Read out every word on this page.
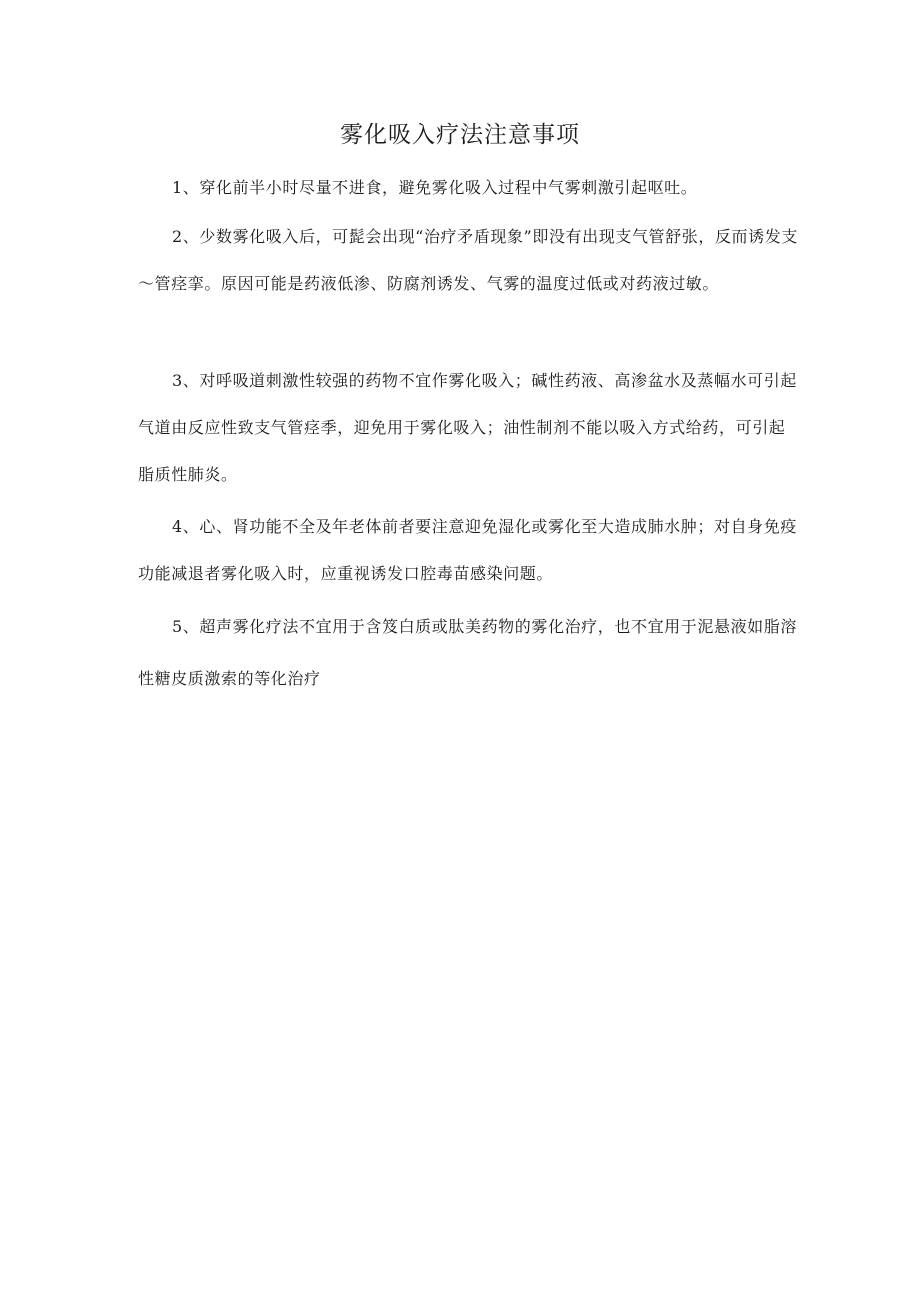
雾化吸入疗法注意事项

1、穿化前半小时尽量不进食，避免雾化吸入过程中气雾刺激引起呕吐。

2、少数雾化吸入后，可髭会出现“治疗矛盾现象”即没有出现支气管舒张，反而诱发支～管痉挛。原因可能是药液低渗、防腐剂诱发、气雾的温度过低或对药液过敏。

3、对呼吸道刺激性较强的药物不宜作雾化吸入；碱性药液、高渗盆水及蒸幅水可引起气道由反应性致支气管痉季，迎免用于雾化吸入；油性制剂不能以吸入方式给药，可引起脂质性肺炎。

4、心、肾功能不全及年老体前者要注意迎免湿化或雾化至大造成肺水肿；对自身免疫功能减退者雾化吸入时，应重视诱发口腔毒苗感染问题。

5、超声雾化疗法不宜用于含笈白质或肽美药物的雾化治疗，也不宜用于泥悬液如脂溶性糖皮质激索的等化治疗
